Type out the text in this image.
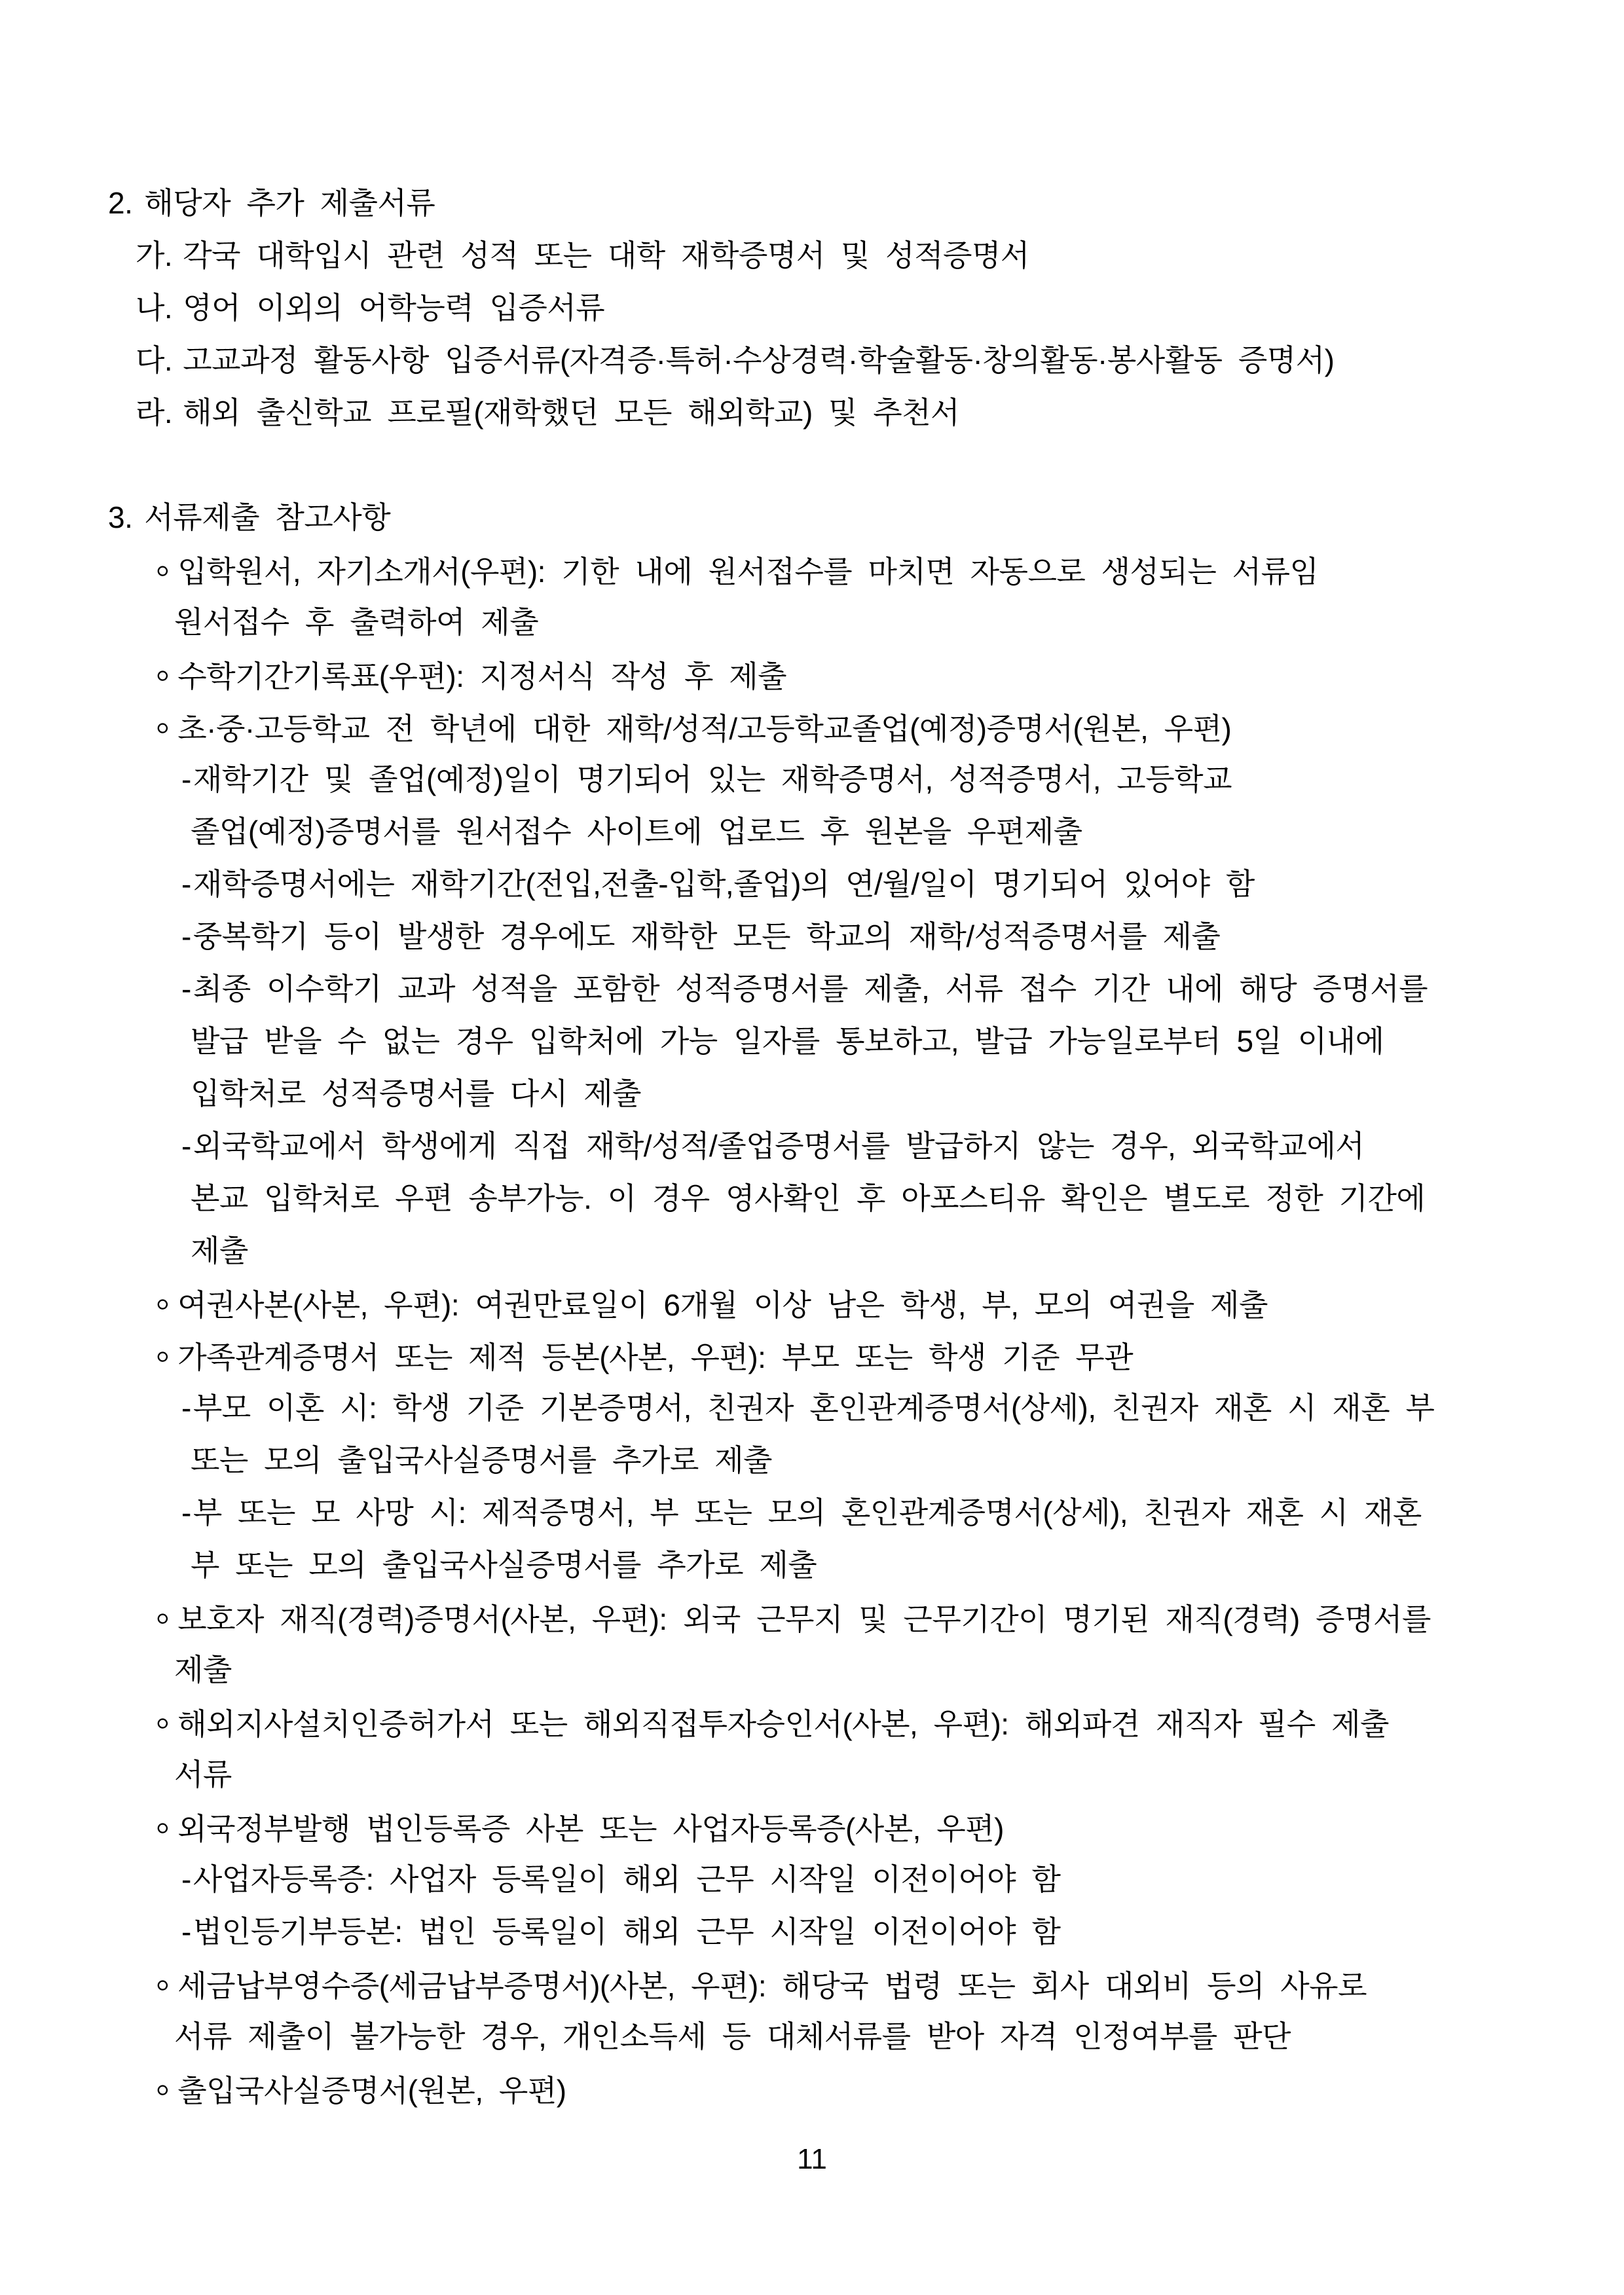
2. 해당자 추가 제출서류
가. 각국 대학입시 관련 성적 또는 대학 재학증명서 및 성적증명서
나. 영어 이외의 어학능력 입증서류
다. 고교과정 활동사항 입증서류(자격증·특허·수상경력·학술활동·창의활동·봉사활동 증명서)
라. 해외 출신학교 프로필(재학했던 모든 해외학교) 및 추천서
3. 서류제출 참고사항
◦ 입학원서, 자기소개서(우편): 기한 내에 원서접수를 마치면 자동으로 생성되는 서류임
원서접수 후 출력하여 제출
◦ 수학기간기록표(우편): 지정서식 작성 후 제출
◦ 초·중·고등학교 전 학년에 대한 재학/성적/고등학교졸업(예정)증명서(원본, 우편)
-재학기간 및 졸업(예정)일이 명기되어 있는 재학증명서, 성적증명서, 고등학교
졸업(예정)증명서를 원서접수 사이트에 업로드 후 원본을 우편제출
-재학증명서에는 재학기간(전입,전출-입학,졸업)의 연/월/일이 명기되어 있어야 함
-중복학기 등이 발생한 경우에도 재학한 모든 학교의 재학/성적증명서를 제출
-최종 이수학기 교과 성적을 포함한 성적증명서를 제출, 서류 접수 기간 내에 해당 증명서를
발급 받을 수 없는 경우 입학처에 가능 일자를 통보하고, 발급 가능일로부터 5일 이내에
입학처로 성적증명서를 다시 제출
-외국학교에서 학생에게 직접 재학/성적/졸업증명서를 발급하지 않는 경우, 외국학교에서
본교 입학처로 우편 송부가능. 이 경우 영사확인 후 아포스티유 확인은 별도로 정한 기간에
제출
◦ 여권사본(사본, 우편): 여권만료일이 6개월 이상 남은 학생, 부, 모의 여권을 제출
◦ 가족관계증명서 또는 제적 등본(사본, 우편): 부모 또는 학생 기준 무관
-부모 이혼 시: 학생 기준 기본증명서, 친권자 혼인관계증명서(상세), 친권자 재혼 시 재혼 부
또는 모의 출입국사실증명서를 추가로 제출
-부 또는 모 사망 시: 제적증명서, 부 또는 모의 혼인관계증명서(상세), 친권자 재혼 시 재혼
부 또는 모의 출입국사실증명서를 추가로 제출
◦ 보호자 재직(경력)증명서(사본, 우편): 외국 근무지 및 근무기간이 명기된 재직(경력) 증명서를
제출
◦ 해외지사설치인증허가서 또는 해외직접투자승인서(사본, 우편): 해외파견 재직자 필수 제출
서류
◦ 외국정부발행 법인등록증 사본 또는 사업자등록증(사본, 우편)
-사업자등록증: 사업자 등록일이 해외 근무 시작일 이전이어야 함
-법인등기부등본: 법인 등록일이 해외 근무 시작일 이전이어야 함
◦ 세금납부영수증(세금납부증명서)(사본, 우편): 해당국 법령 또는 회사 대외비 등의 사유로
서류 제출이 불가능한 경우, 개인소득세 등 대체서류를 받아 자격 인정여부를 판단
◦ 출입국사실증명서(원본, 우편)
11
